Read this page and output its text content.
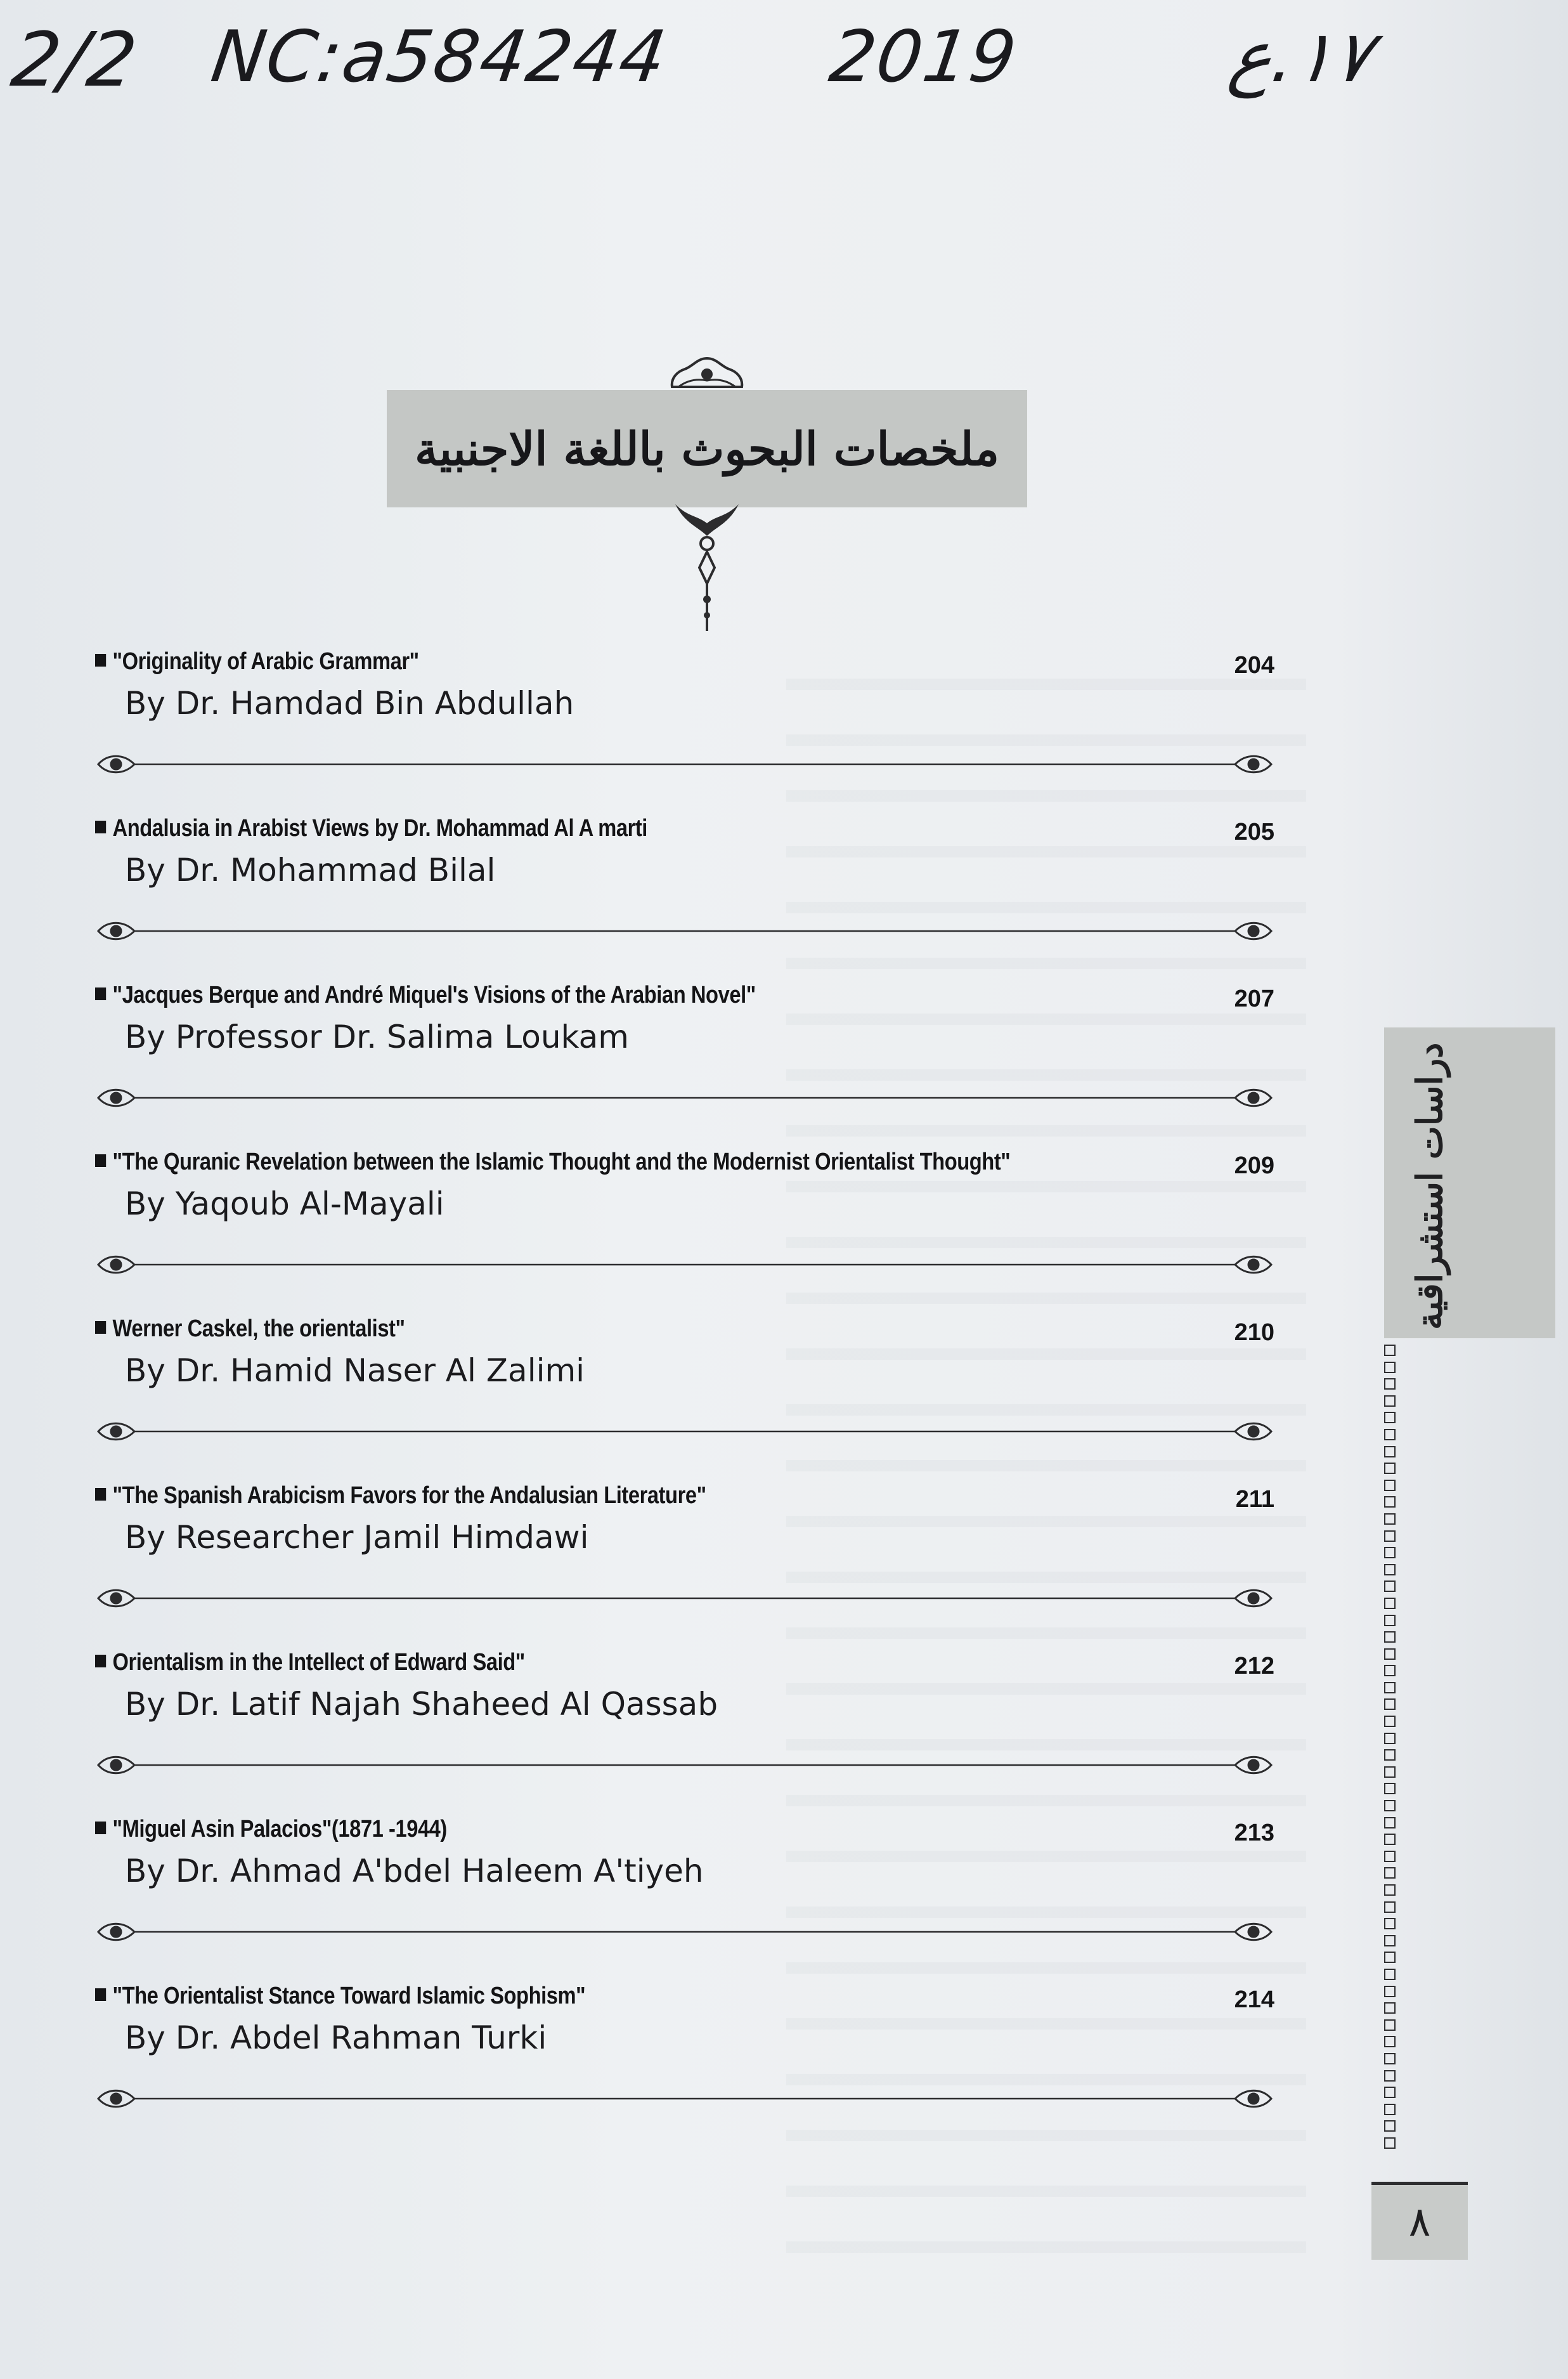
2/2 NC:a584244 2019	١٧.ع
ملخصات البحوث باللغة الاجنبية
"Originality of Arabic Grammar"
By Dr. Hamdad Bin Abdullah
204
Andalusia in Arabist Views by Dr. Mohammad Al A marti
By Dr. Mohammad Bilal
205
"Jacques Berque and André Miquel's Visions of the Arabian Novel"
By Professor Dr. Salima Loukam
207
"The Quranic Revelation between the Islamic Thought and the Modernist Orientalist Thought"
By Yaqoub Al-Mayali
209
Werner Caskel, the orientalist"
By Dr. Hamid Naser Al Zalimi
210
"The Spanish Arabicism Favors for the Andalusian Literature"
By Researcher Jamil Himdawi
211
Orientalism in the Intellect of Edward Said"
By Dr. Latif Najah Shaheed Al Qassab
212
"Miguel Asin Palacios"(1871 -1944)
By Dr. Ahmad A'bdel Haleem A'tiyeh
213
"The Orientalist Stance Toward Islamic Sophism"
By Dr. Abdel Rahman Turki
214
دراسات استشراقية
٨
